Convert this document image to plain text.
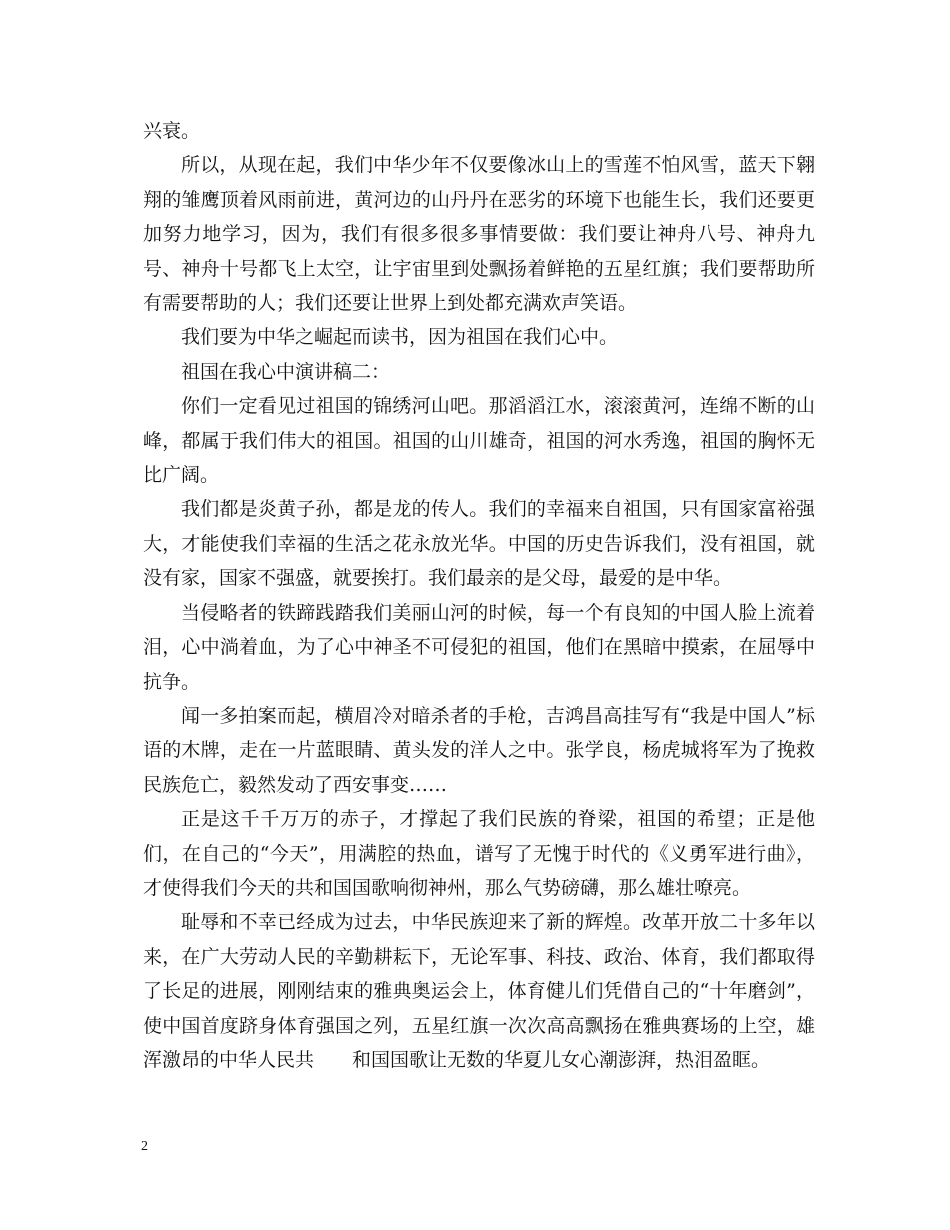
兴衰。

所以，从现在起，我们中华少年不仅要像冰山上的雪莲不怕风雪，蓝天下翱翔的雏鹰顶着风雨前进，黄河边的山丹丹在恶劣的环境下也能生长，我们还要更加努力地学习，因为，我们有很多很多事情要做：我们要让神舟八号、神舟九号、神舟十号都飞上太空，让宇宙里到处飘扬着鲜艳的五星红旗；我们要帮助所有需要帮助的人；我们还要让世界上到处都充满欢声笑语。

我们要为中华之崛起而读书，因为祖国在我们心中。

祖国在我心中演讲稿二：

你们一定看见过祖国的锦绣河山吧。那滔滔江水，滚滚黄河，连绵不断的山峰，都属于我们伟大的祖国。祖国的山川雄奇，祖国的河水秀逸，祖国的胸怀无比广阔。

我们都是炎黄子孙，都是龙的传人。我们的幸福来自祖国，只有国家富裕强大，才能使我们幸福的生活之花永放光华。中国的历史告诉我们，没有祖国，就没有家，国家不强盛，就要挨打。我们最亲的是父母，最爱的是中华。

当侵略者的铁蹄践踏我们美丽山河的时候，每一个有良知的中国人脸上流着泪，心中淌着血，为了心中神圣不可侵犯的祖国，他们在黑暗中摸索，在屈辱中抗争。

闻一多拍案而起，横眉冷对暗杀者的手枪，吉鸿昌高挂写有“我是中国人”标语的木牌，走在一片蓝眼睛、黄头发的洋人之中。张学良，杨虎城将军为了挽救民族危亡，毅然发动了西安事变……

正是这千千万万的赤子，才撑起了我们民族的脊梁，祖国的希望；正是他们，在自己的“今天”，用满腔的热血，谱写了无愧于时代的《义勇军进行曲》，才使得我们今天的共和国国歌响彻神州，那么气势磅礴，那么雄壮嘹亮。

耻辱和不幸已经成为过去，中华民族迎来了新的辉煌。改革开放二十多年以来，在广大劳动人民的辛勤耕耘下，无论军事、科技、政治、体育，我们都取得了长足的进展，刚刚结束的雅典奥运会上，体育健儿们凭借自己的“十年磨剑”，使中国首度跻身体育强国之列，五星红旗一次次高高飘扬在雅典赛场的上空，雄浑激昂的中华人民共　　和国国歌让无数的华夏儿女心潮澎湃，热泪盈眶。

2
